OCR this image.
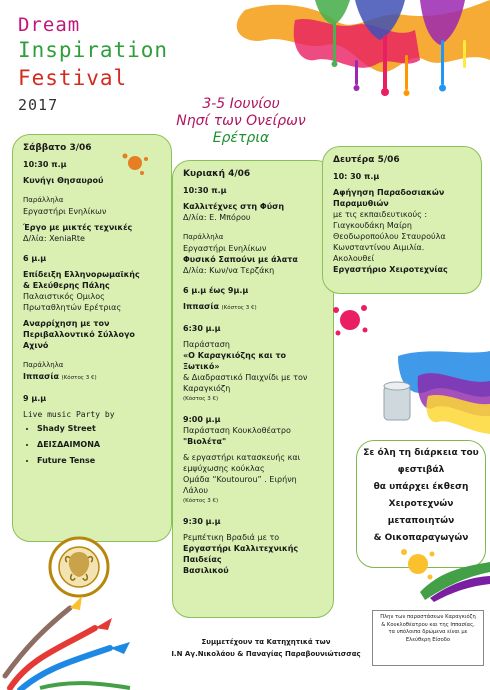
Dream
Inspiration
Festival
2017	3-5 Ιουνίου
Νησί των Ονείρων
Ερέτρια
Σάββατο 3/06
10:30 π.μ
Κυνήγι Θησαυρού
Παράλληλα
Εργαστήρι Ενηλίκων
Έργο με μικτές τεχνικές
Δ/λία: XeniaRte
6 μ.μ
Επίδειξη Ελληνορωμαϊκής
& Ελεύθερης Πάλης
Παλαιστικός Ομιλος
Πρωταθλητών Ερέτριας
Αναρρίχηση με τον
Περιβαλλοντικό Σύλλογο
Αχινό
Παράλληλα
Ιππασία (Κόστος 3 €)
9 μ.μ
Live music Party by
• Shady Street
• ΔΕΙΣΔΑΙΜΟΝΑ
• Future Tense
Κυριακή 4/06
10:30 π.μ
Καλλιτέχνες στη Φύση
Δ/λία: Ε. Μπόρου
Παράλληλα
Εργαστήρι Ενηλίκων
Φυσικό Σαπούνι με άλατα
Δ/λία: Κων/να Τερζάκη
6 μ.μ έως 9μ.μ
Ιππασία (Κόστος 3 €)
6:30 μ.μ
Παράσταση
«Ο Καραγκιόζης και το Ξωτικό»
& Διαδραστικό Παιχνίδι με τον
Καραγκιόζη
(Κόστος 3 €)
9:00 μ.μ
Παράσταση Κουκλοθέατρο
"Βιολέτα"
& εργαστήρι κατασκευής και
εμψύχωσης κούκλας
Ομάδα “Koutourou” . Ειρήνη Λάλου
(Κόστος 3 €)
9:30 μ.μ
Ρεμπέτικη Βραδιά με το
Εργαστήρι Καλλιτεχνικής Παιδείας
Βασιλικού
Δευτέρα 5/06
10: 30 π.μ
Αφήγηση Παραδοσιακών
Παραμυθιών
με τις εκπαιδευτικούς :
Γιαγκουδάκη Μαίρη
Θεοδωροπούλου Σταυρούλα
Κωνσταντίνου Αιμιλία.
Ακολουθεί
Εργαστήριο Χειροτεχνίας
Σε όλη τη διάρκεια του
φεστιβάλ
θα υπάρχει έκθεση
Χειροτεχνών
μεταποιητών
& Οικοπαραγωγών
Πλην των παραστάσεων Καραγκιόζη
& Κουκλοθέατρου και της Ιππασίας,
τα υπόλοιπα δρώμενα είναι με
Ελεύθερη Είσοδο
Συμμετέχουν τα Κατηχητικά των
Ι.Ν Αγ.Νικολάου & Παναγίας Παραβουνιώτισσας
